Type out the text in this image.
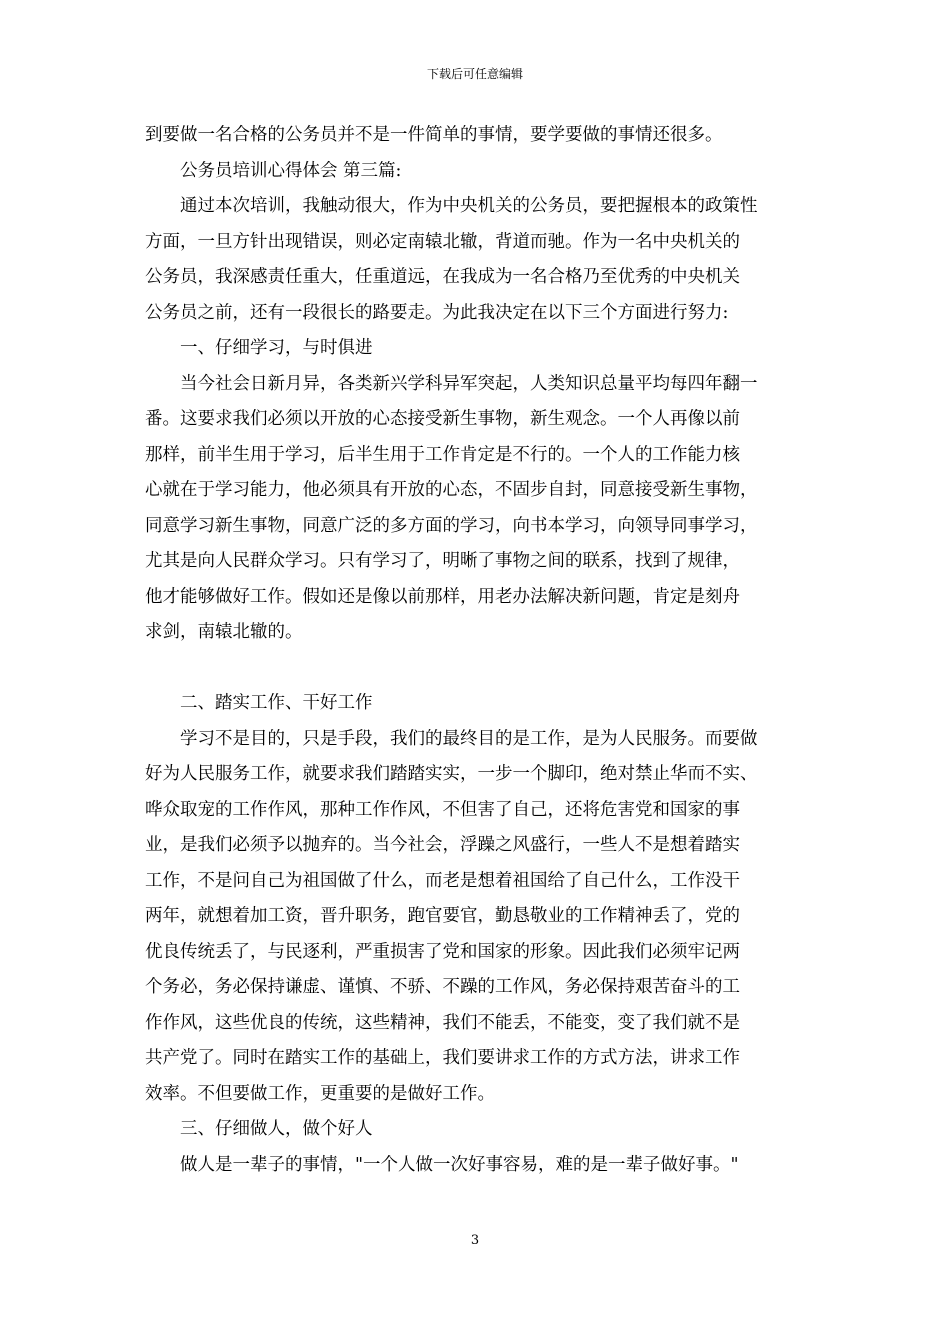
下载后可任意编辑
到要做一名合格的公务员并不是一件简单的事情，要学要做的事情还很多。
公务员培训心得体会 第三篇:
通过本次培训，我触动很大，作为中央机关的公务员，要把握根本的政策性
方面，一旦方针出现错误，则必定南辕北辙，背道而驰。作为一名中央机关的
公务员，我深感责任重大，任重道远，在我成为一名合格乃至优秀的中央机关
公务员之前，还有一段很长的路要走。为此我决定在以下三个方面进行努力:
一、仔细学习，与时俱进
当今社会日新月异，各类新兴学科异军突起，人类知识总量平均每四年翻一
番。这要求我们必须以开放的心态接受新生事物，新生观念。一个人再像以前
那样，前半生用于学习，后半生用于工作肯定是不行的。一个人的工作能力核
心就在于学习能力，他必须具有开放的心态，不固步自封，同意接受新生事物，
同意学习新生事物，同意广泛的多方面的学习，向书本学习，向领导同事学习，
尤其是向人民群众学习。只有学习了，明晰了事物之间的联系，找到了规律，
他才能够做好工作。假如还是像以前那样，用老办法解决新问题，肯定是刻舟
求剑，南辕北辙的。
二、踏实工作、干好工作
学习不是目的，只是手段，我们的最终目的是工作，是为人民服务。而要做
好为人民服务工作，就要求我们踏踏实实，一步一个脚印，绝对禁止华而不实、
哗众取宠的工作作风，那种工作作风，不但害了自己，还将危害党和国家的事
业，是我们必须予以抛弃的。当今社会，浮躁之风盛行，一些人不是想着踏实
工作，不是问自己为祖国做了什么，而老是想着祖国给了自己什么，工作没干
两年，就想着加工资，晋升职务，跑官要官，勤恳敬业的工作精神丢了，党的
优良传统丢了，与民逐利，严重损害了党和国家的形象。因此我们必须牢记两
个务必，务必保持谦虚、谨慎、不骄、不躁的工作风，务必保持艰苦奋斗的工
作作风，这些优良的传统，这些精神，我们不能丢，不能变，变了我们就不是
共产党了。同时在踏实工作的基础上，我们要讲求工作的方式方法，讲求工作
效率。不但要做工作，更重要的是做好工作。
三、仔细做人，做个好人
做人是一辈子的事情，"一个人做一次好事容易，难的是一辈子做好事。"
3
